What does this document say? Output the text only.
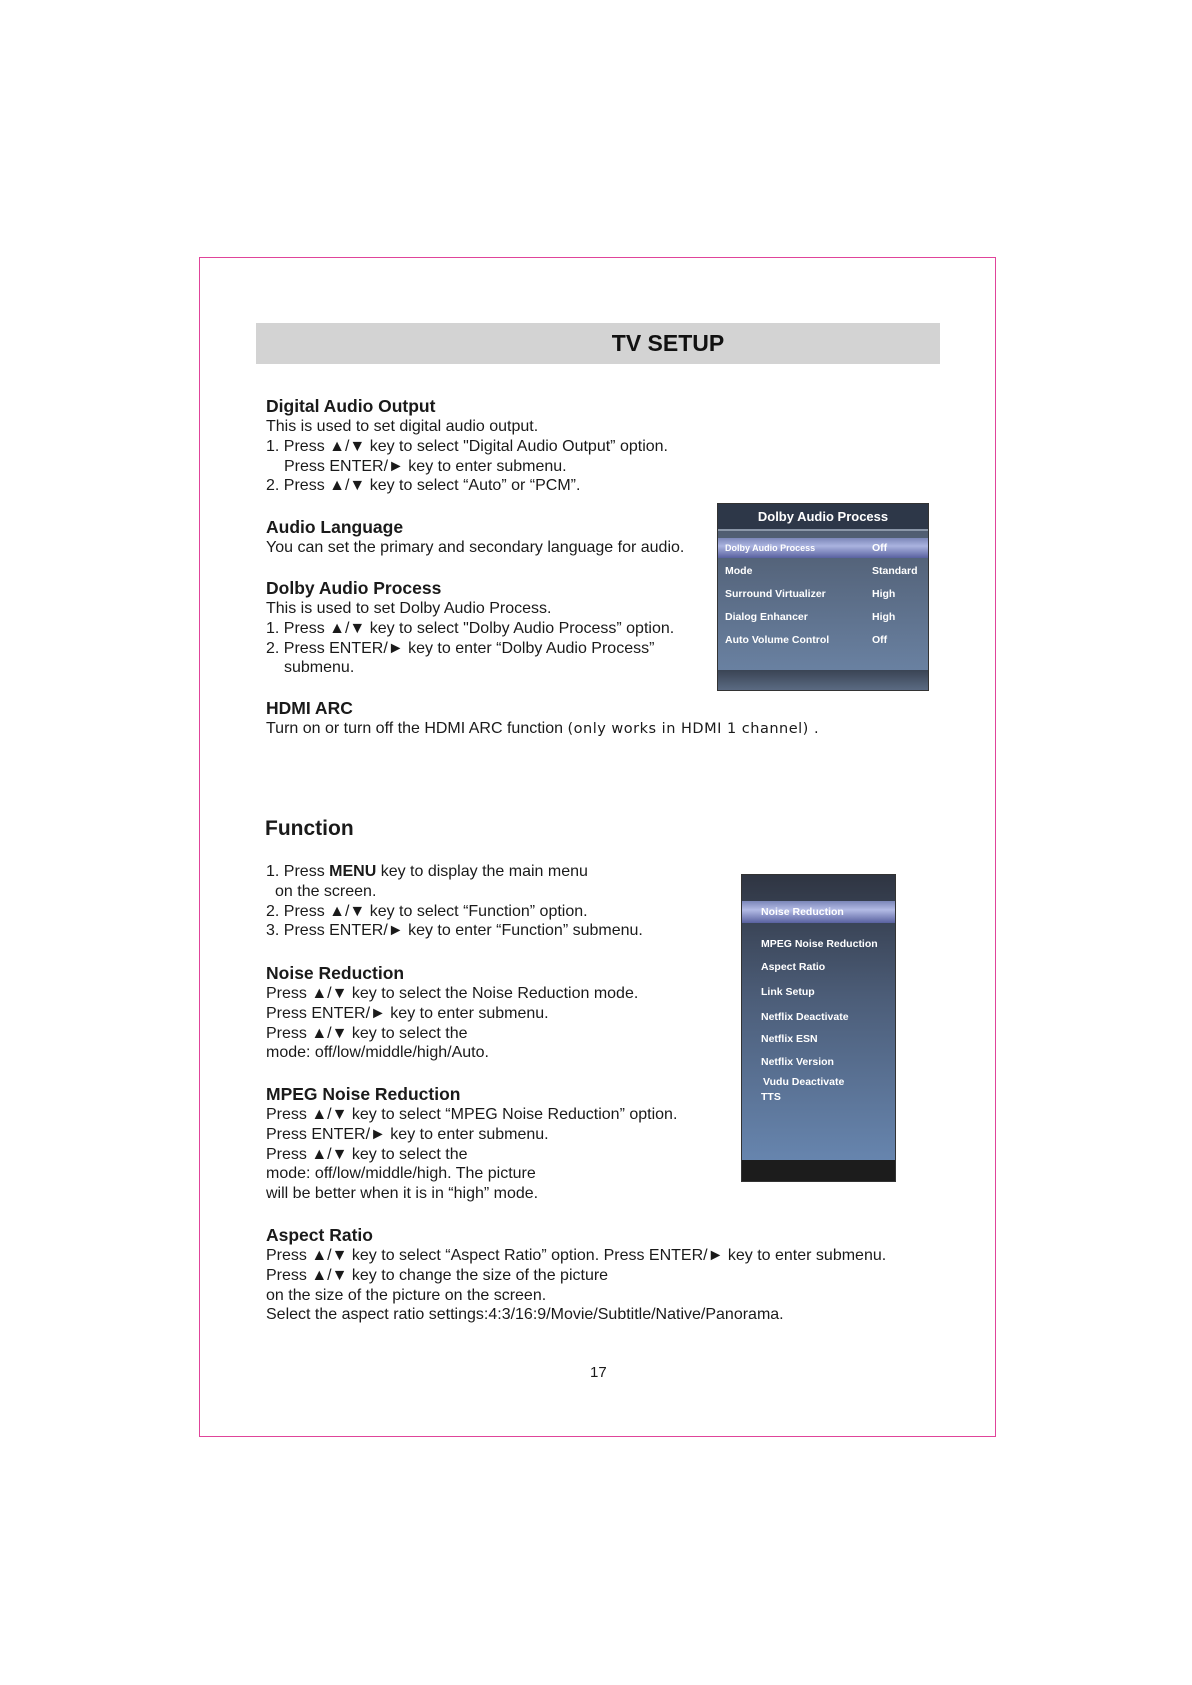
TV SETUP

Digital Audio Output

This is used to set digital audio output.

1. Press ▲/▼ key to select "Digital Audio Output” option.

Press ENTER/► key to enter submenu.

2. Press ▲/▼ key to select “Auto” or “PCM”.

Audio Language

You can set the primary and secondary language for audio.

Dolby Audio Process

This is used to set Dolby Audio Process.

1. Press ▲/▼ key to select "Dolby Audio Process” option.

2. Press ENTER/► key to enter “Dolby Audio Process”

submenu.

HDMI ARC

Turn on or turn off the HDMI ARC function (only works in HDMI 1 channel) .

Dolby Audio Process
Dolby Audio Process	Off
Mode	Standard
Surround Virtualizer	High
Dialog Enhancer	High
Auto Volume Control	Off
Function

1. Press MENU key to display the main menu

on the screen.

2. Press ▲/▼ key to select “Function” option.

3. Press ENTER/► key to enter “Function” submenu.

Noise Reduction

Press ▲/▼ key to select the Noise Reduction mode.

Press ENTER/► key to enter submenu.

Press ▲/▼ key to select the

mode: off/low/middle/high/Auto.

MPEG Noise Reduction

Press ▲/▼ key to select “MPEG Noise Reduction” option.

Press ENTER/► key to enter submenu.

Press ▲/▼ key to select the

mode: off/low/middle/high. The picture

will be better when it is in “high” mode.

Aspect Ratio

Press ▲/▼ key to select “Aspect Ratio” option. Press ENTER/► key to enter submenu.

Press ▲/▼ key to change the size of the picture

on the size of the picture on the screen.

Select the aspect ratio settings:4:3/16:9/Movie/Subtitle/Native/Panorama.

Noise Reduction
MPEG Noise Reduction
Aspect Ratio
Link Setup
Netflix Deactivate
Netflix ESN
Netflix Version
Vudu Deactivate
TTS
17
